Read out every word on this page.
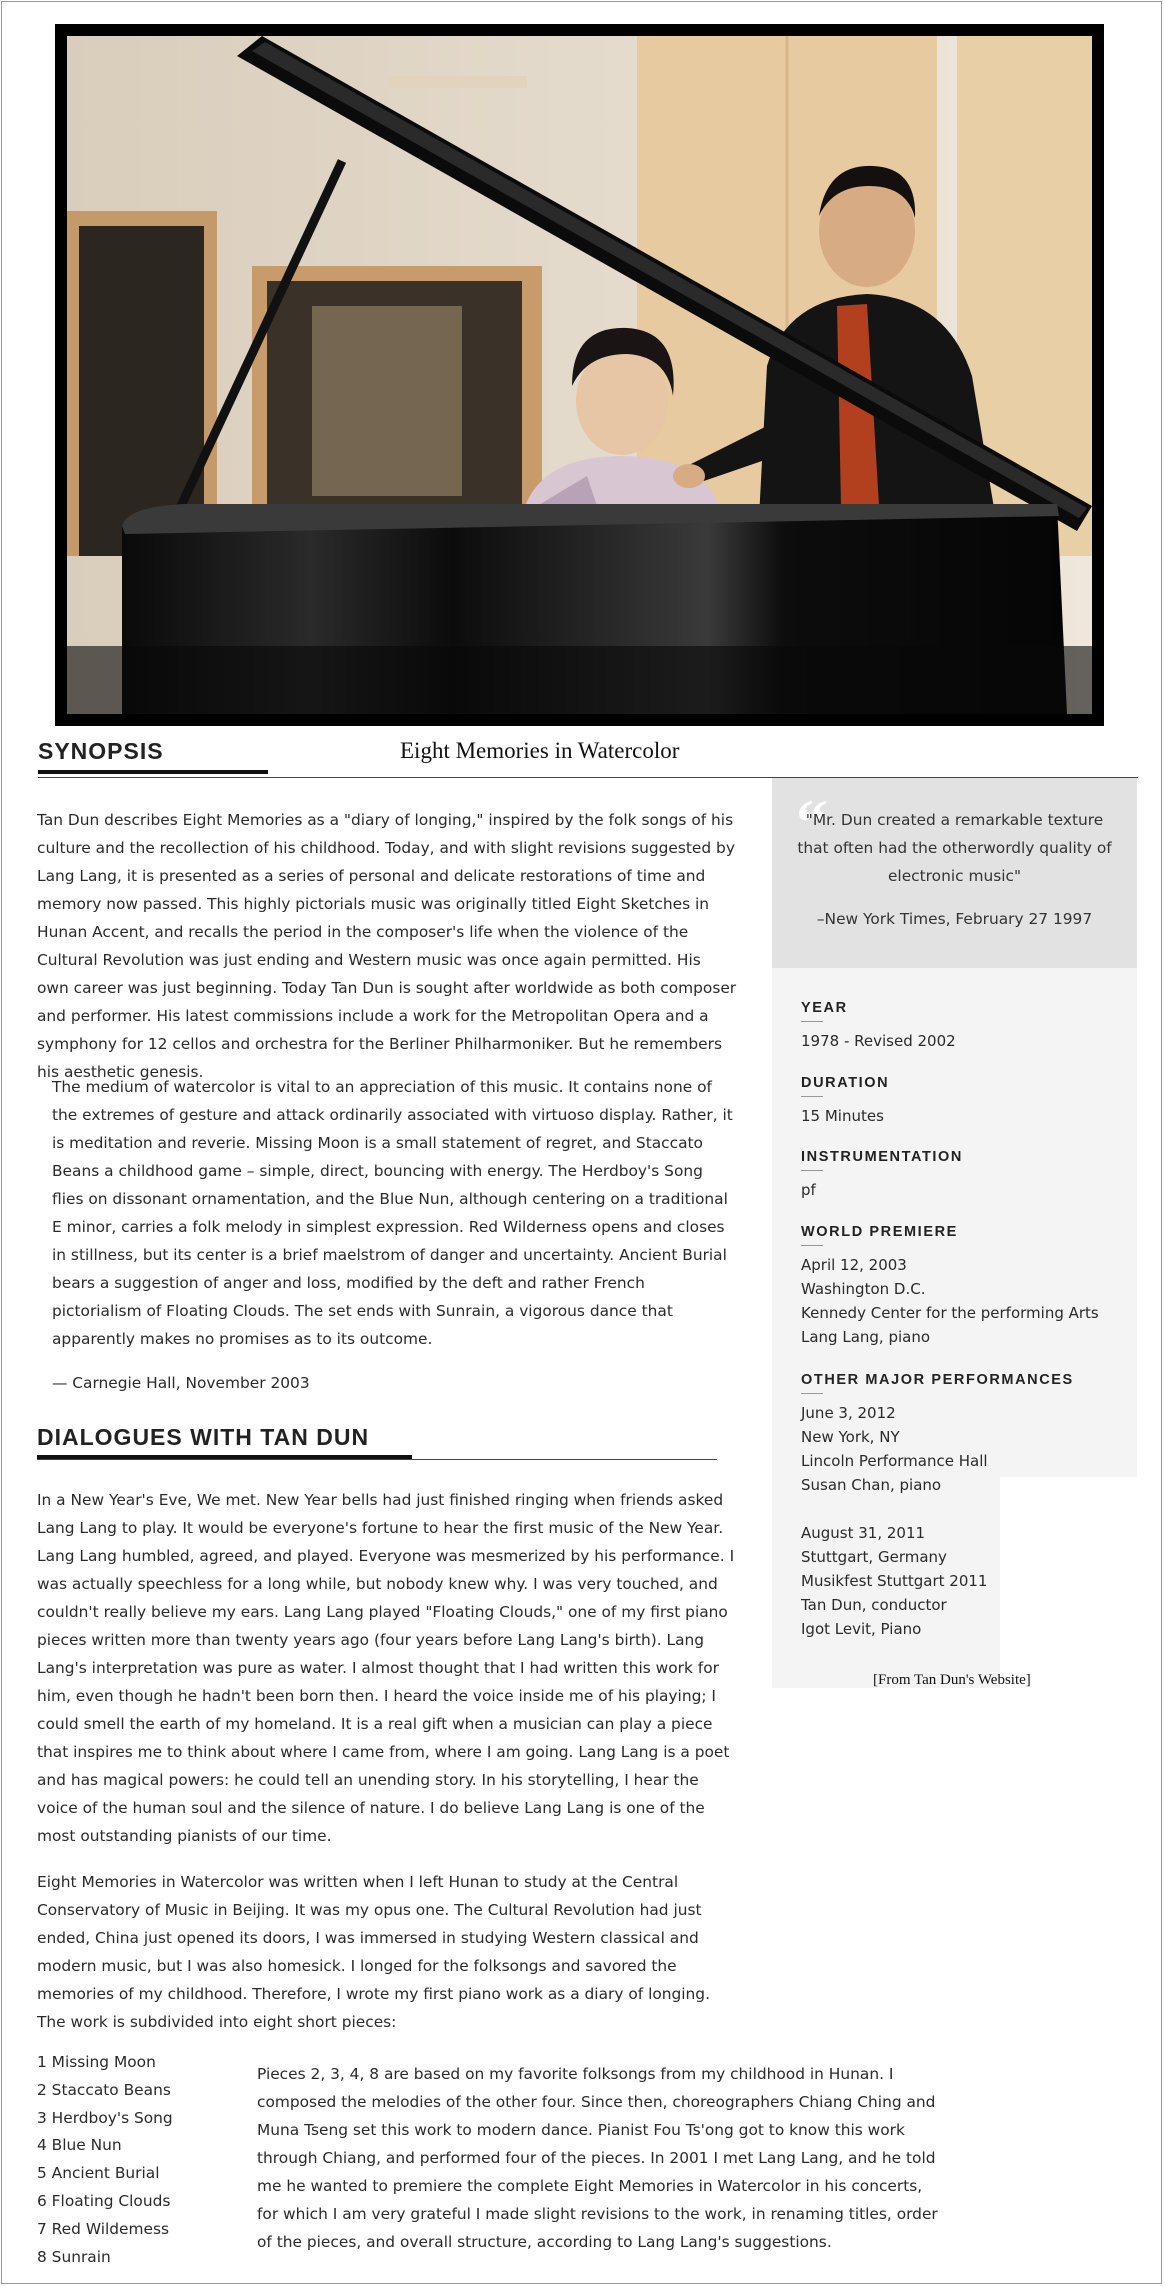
SYNOPSIS	Eight Memories in Watercolor

Tan Dun describes Eight Memories as a "diary of longing," inspired by the folk songs of his culture and the recollection of his childhood. Today, and with slight revisions suggested by Lang Lang, it is presented as a series of personal and delicate restorations of time and memory now passed. This highly pictorials music was originally titled Eight Sketches in Hunan Accent, and recalls the period in the composer's life when the violence of the Cultural Revolution was just ending and Western music was once again permitted. His own career was just beginning. Today Tan Dun is sought after worldwide as both composer and performer. His latest commissions include a work for the Metropolitan Opera and a symphony for 12 cellos and orchestra for the Berliner Philharmoniker. But he remembers his aesthetic genesis.

The medium of watercolor is vital to an appreciation of this music. It contains none of the extremes of gesture and attack ordinarily associated with virtuoso display. Rather, it is meditation and reverie. Missing Moon is a small statement of regret, and Staccato Beans a childhood game – simple, direct, bouncing with energy. The Herdboy's Song flies on dissonant ornamentation, and the Blue Nun, although centering on a traditional E minor, carries a folk melody in simplest expression. Red Wilderness opens and closes in stillness, but its center is a brief maelstrom of danger and uncertainty. Ancient Burial bears a suggestion of anger and loss, modified by the deft and rather French pictorialism of Floating Clouds. The set ends with Sunrain, a vigorous dance that apparently makes no promises as to its outcome.

— Carnegie Hall, November 2003

DIALOGUES WITH TAN DUN

In a New Year's Eve, We met. New Year bells had just finished ringing when friends asked Lang Lang to play. It would be everyone's fortune to hear the first music of the New Year. Lang Lang humbled, agreed, and played. Everyone was mesmerized by his performance. I was actually speechless for a long while, but nobody knew why. I was very touched, and couldn't really believe my ears. Lang Lang played "Floating Clouds," one of my first piano pieces written more than twenty years ago (four years before Lang Lang's birth). Lang Lang's interpretation was pure as water. I almost thought that I had written this work for him, even though he hadn't been born then. I heard the voice inside me of his playing; I could smell the earth of my homeland. It is a real gift when a musician can play a piece that inspires me to think about where I came from, where I am going. Lang Lang is a poet and has magical powers: he could tell an unending story. In his storytelling, I hear the voice of the human soul and the silence of nature. I do believe Lang Lang is one of the most outstanding pianists of our time.

Eight Memories in Watercolor was written when I left Hunan to study at the Central Conservatory of Music in Beijing. It was my opus one. The Cultural Revolution had just ended, China just opened its doors, I was immersed in studying Western classical and modern music, but I was also homesick. I longed for the folksongs and savored the memories of my childhood. Therefore, I wrote my first piano work as a diary of longing. The work is subdivided into eight short pieces:

1 Missing Moon
2 Staccato Beans
3 Herdboy's Song
4 Blue Nun
5 Ancient Burial
6 Floating Clouds
7 Red Wildemess
8 Sunrain

Pieces 2, 3, 4, 8 are based on my favorite folksongs from my childhood in Hunan. I composed the melodies of the other four. Since then, choreographers Chiang Ching and Muna Tseng set this work to modern dance. Pianist Fou Ts'ong got to know this work through Chiang, and performed four of the pieces. In 2001 I met Lang Lang, and he told me he wanted to premiere the complete Eight Memories in Watercolor in his concerts, for which I am very grateful I made slight revisions to the work, in renaming titles, order of the pieces, and overall structure, according to Lang Lang's suggestions.

“

"Mr. Dun created a remarkable texture that often had the otherwordly quality of electronic music"

–New York Times, February 27 1997

YEAR

1978 - Revised 2002

DURATION

15 Minutes

INSTRUMENTATION

pf

WORLD PREMIERE

April 12, 2003

Washington D.C.

Kennedy Center for the performing Arts

Lang Lang, piano

OTHER MAJOR PERFORMANCES

June 3, 2012

New York, NY

Lincoln Performance Hall

Susan Chan, piano

August 31, 2011

Stuttgart, Germany

Musikfest Stuttgart 2011

Tan Dun, conductor

Igot Levit, Piano

[From Tan Dun's Website]
